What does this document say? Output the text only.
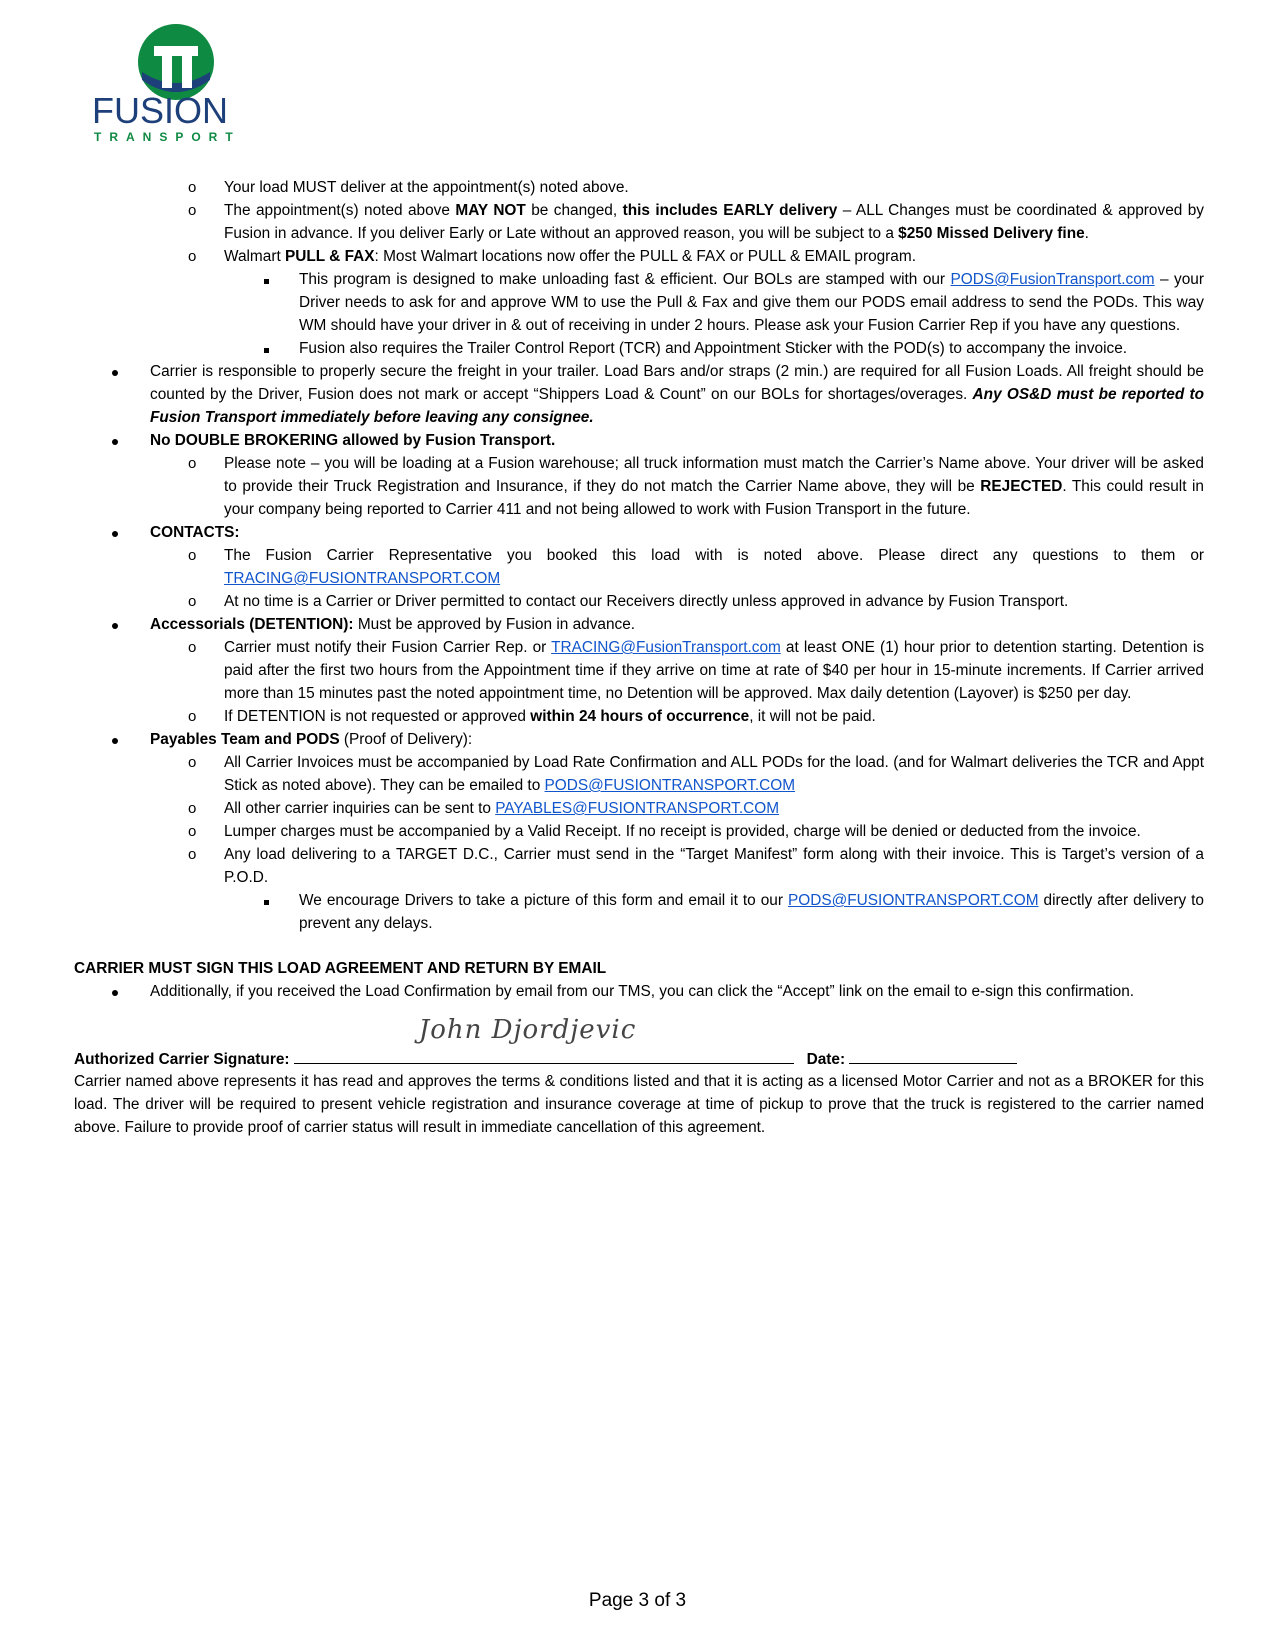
FUSION
TRANSPORT
o Your load MUST deliver at the appointment(s) noted above.
o The appointment(s) noted above MAY NOT be changed, this includes EARLY delivery – ALL Changes must be coordinated & approved by Fusion in advance. If you deliver Early or Late without an approved reason, you will be subject to a $250 Missed Delivery fine.
o Walmart PULL & FAX: Most Walmart locations now offer the PULL & FAX or PULL & EMAIL program.
This program is designed to make unloading fast & efficient. Our BOLs are stamped with our PODS@FusionTransport.com – your Driver needs to ask for and approve WM to use the Pull & Fax and give them our PODS email address to send the PODs. This way WM should have your driver in & out of receiving in under 2 hours. Please ask your Fusion Carrier Rep if you have any questions.
Fusion also requires the Trailer Control Report (TCR) and Appointment Sticker with the POD(s) to accompany the invoice.
Carrier is responsible to properly secure the freight in your trailer. Load Bars and/or straps (2 min.) are required for all Fusion Loads. All freight should be counted by the Driver, Fusion does not mark or accept “Shippers Load & Count” on our BOLs for shortages/overages. Any OS&D must be reported to Fusion Transport immediately before leaving any consignee.
No DOUBLE BROKERING allowed by Fusion Transport.
o Please note – you will be loading at a Fusion warehouse; all truck information must match the Carrier’s Name above. Your driver will be asked to provide their Truck Registration and Insurance, if they do not match the Carrier Name above, they will be REJECTED. This could result in your company being reported to Carrier 411 and not being allowed to work with Fusion Transport in the future.
CONTACTS:
o The Fusion Carrier Representative you booked this load with is noted above. Please direct any questions to them or TRACING@FUSIONTRANSPORT.COM
o At no time is a Carrier or Driver permitted to contact our Receivers directly unless approved in advance by Fusion Transport.
Accessorials (DETENTION): Must be approved by Fusion in advance.
o Carrier must notify their Fusion Carrier Rep. or TRACING@FusionTransport.com at least ONE (1) hour prior to detention starting. Detention is paid after the first two hours from the Appointment time if they arrive on time at rate of $40 per hour in 15-minute increments. If Carrier arrived more than 15 minutes past the noted appointment time, no Detention will be approved. Max daily detention (Layover) is $250 per day.
o If DETENTION is not requested or approved within 24 hours of occurrence, it will not be paid.
Payables Team and PODS (Proof of Delivery):
o All Carrier Invoices must be accompanied by Load Rate Confirmation and ALL PODs for the load. (and for Walmart deliveries the TCR and Appt Stick as noted above). They can be emailed to PODS@FUSIONTRANSPORT.COM
o All other carrier inquiries can be sent to PAYABLES@FUSIONTRANSPORT.COM
o Lumper charges must be accompanied by a Valid Receipt. If no receipt is provided, charge will be denied or deducted from the invoice.
o Any load delivering to a TARGET D.C., Carrier must send in the “Target Manifest” form along with their invoice. This is Target’s version of a P.O.D.
We encourage Drivers to take a picture of this form and email it to our PODS@FUSIONTRANSPORT.COM directly after delivery to prevent any delays.
CARRIER MUST SIGN THIS LOAD AGREEMENT AND RETURN BY EMAIL
Additionally, if you received the Load Confirmation by email from our TMS, you can click the “Accept” link on the email to e-sign this confirmation.
Authorized Carrier Signature:
John Djordjevic
Date:
Carrier named above represents it has read and approves the terms & conditions listed and that it is acting as a licensed Motor Carrier and not as a BROKER for this load. The driver will be required to present vehicle registration and insurance coverage at time of pickup to prove that the truck is registered to the carrier named above. Failure to provide proof of carrier status will result in immediate cancellation of this agreement.
Page 3 of 3
